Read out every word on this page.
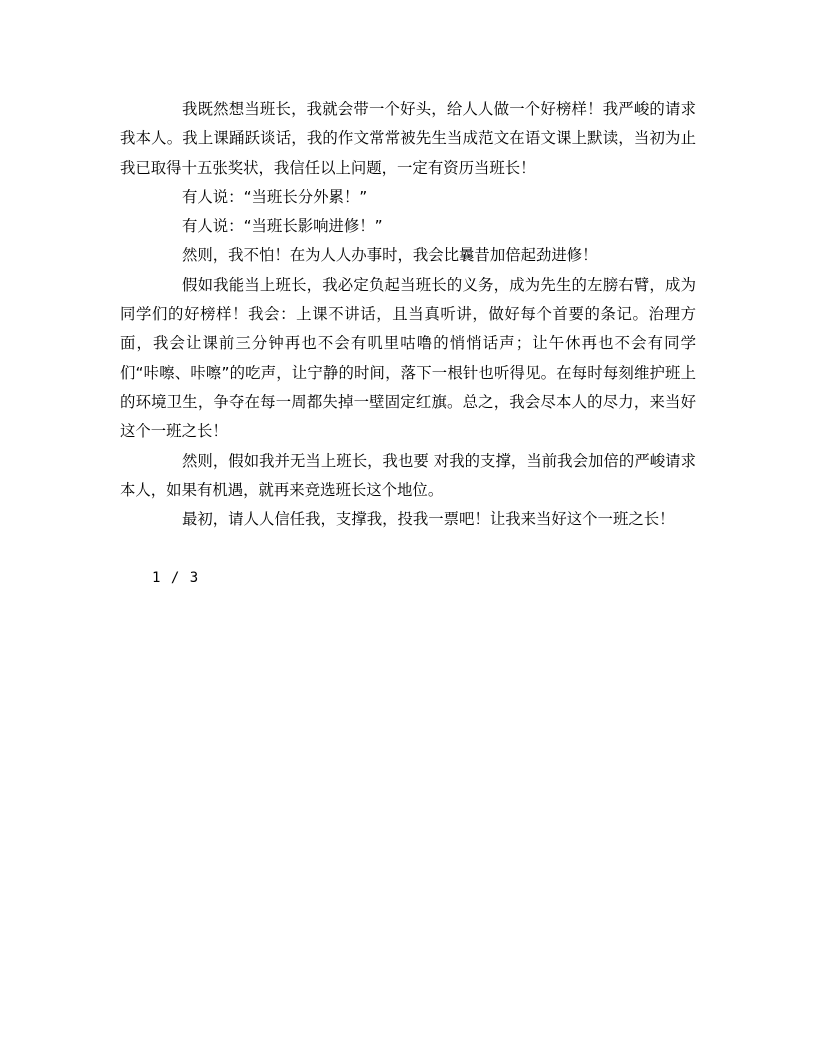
我既然想当班长，我就会带一个好头，给人人做一个好榜样！我严峻的请求我本人。我上课踊跃谈话，我的作文常常被先生当成范文在语文课上默读，当初为止我已取得十五张奖状，我信任以上问题，一定有资历当班长！

有人说：“当班长分外累！”

有人说：“当班长影响进修！”

然则，我不怕！在为人人办事时，我会比曩昔加倍起劲进修！

假如我能当上班长，我必定负起当班长的义务，成为先生的左膀右臂，成为同学们的好榜样！我会：上课不讲话，且当真听讲，做好每个首要的条记。治理方面，我会让课前三分钟再也不会有叽里咕噜的悄悄话声；让午休再也不会有同学们“咔嚓、咔嚓”的吃声，让宁静的时间，落下一根针也听得见。在每时每刻维护班上的环境卫生，争夺在每一周都失掉一壁固定红旗。总之，我会尽本人的尽力，来当好这个一班之长！

然则，假如我并无当上班长，我也要 对我的支撑，当前我会加倍的严峻请求本人，如果有机遇，就再来竞选班长这个地位。

最初，请人人信任我，支撑我，投我一票吧！让我来当好这个一班之长！

1 / 3
